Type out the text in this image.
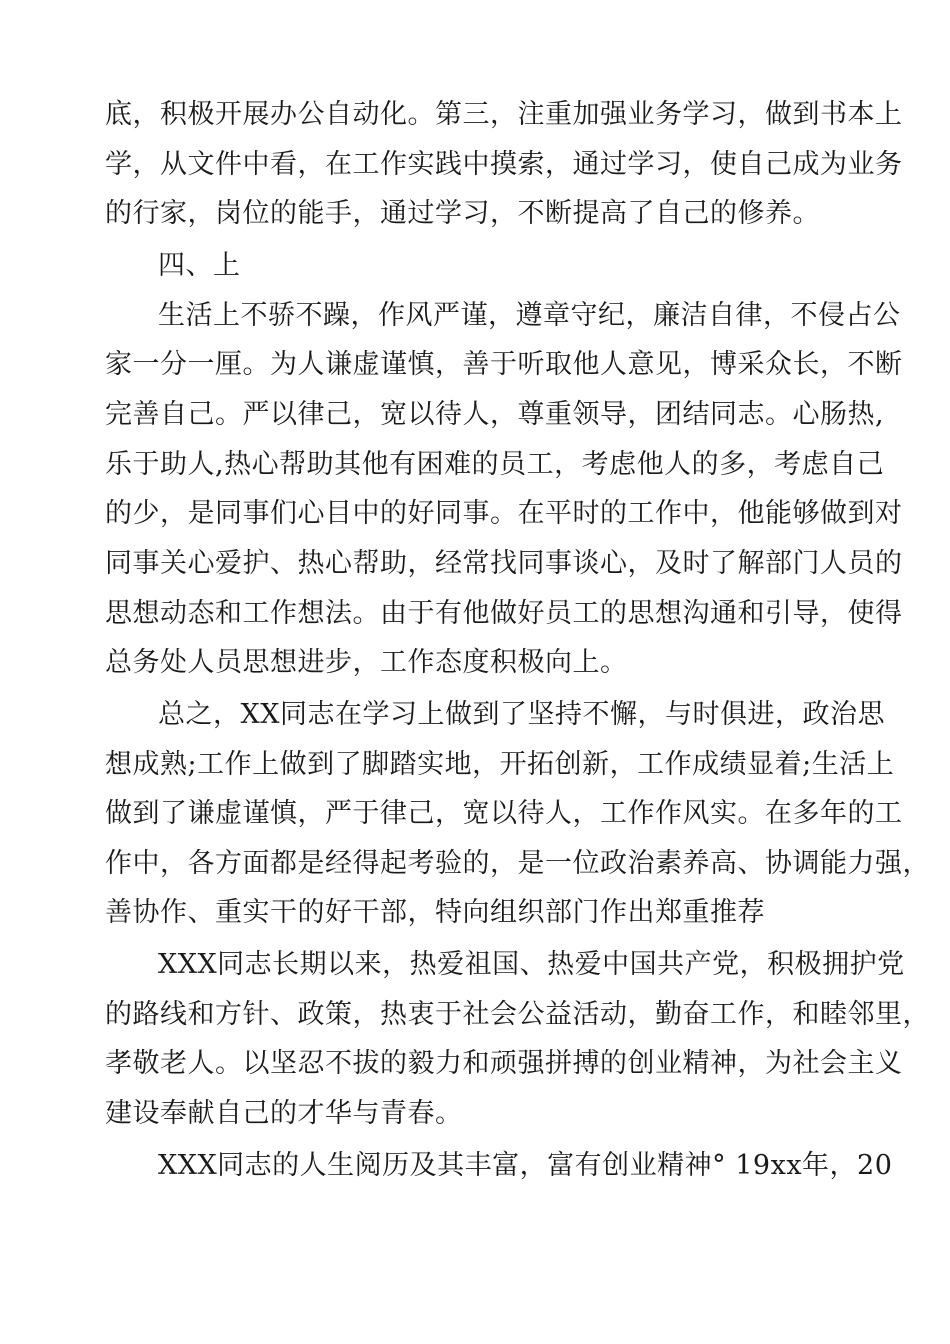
底，积极开展办公自动化。第三，注重加强业务学习，做到书本上
学，从文件中看，在工作实践中摸索，通过学习，使自己成为业务
的行家，岗位的能手，通过学习，不断提高了自己的修养。
四、上
生活上不骄不躁，作风严谨，遵章守纪，廉洁自律，不侵占公
家一分一厘。为人谦虚谨慎，善于听取他人意见，博采众长，不断
完善自己。严以律己，宽以待人，尊重领导，团结同志。心肠热,
乐于助人,热心帮助其他有困难的员工，考虑他人的多，考虑自己
的少，是同事们心目中的好同事。在平时的工作中，他能够做到对
同事关心爱护、热心帮助，经常找同事谈心，及时了解部门人员的
思想动态和工作想法。由于有他做好员工的思想沟通和引导，使得
总务处人员思想进步，工作态度积极向上。
总之，XX同志在学习上做到了坚持不懈，与时俱进，政治思
想成熟;工作上做到了脚踏实地，开拓创新，工作成绩显着;生活上
做到了谦虚谨慎，严于律己，宽以待人，工作作风实。在多年的工
作中，各方面都是经得起考验的，是一位政治素养高、协调能力强，
善协作、重实干的好干部，特向组织部门作出郑重推荐
XXX同志长期以来，热爱祖国、热爱中国共产党，积极拥护党
的路线和方针、政策，热衷于社会公益活动，勤奋工作，和睦邻里，
孝敬老人。以坚忍不拔的毅力和顽强拼搏的创业精神，为社会主义
建设奉献自己的才华与青春。
XXX同志的人生阅历及其丰富，富有创业精神° 19xx年，20
